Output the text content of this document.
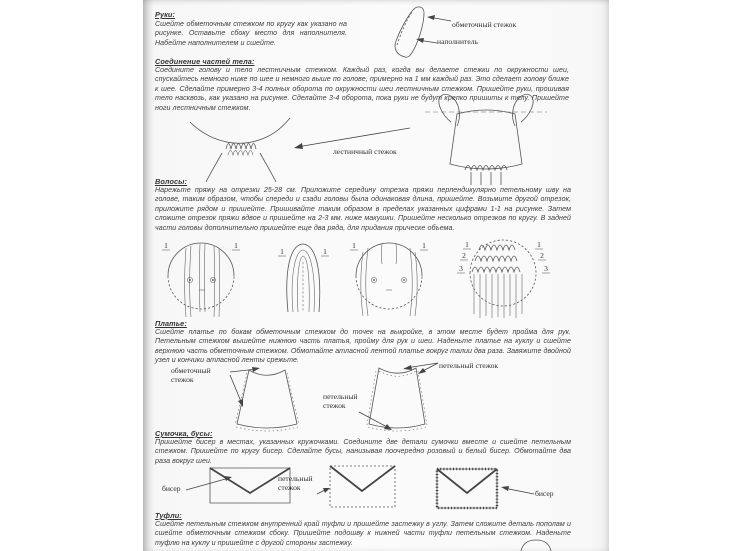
Руки:
Сшейте обметочным стежком по кругу как указано на рисунке. Оставьте сбоку место для наполнителя. Набейте наполнителем и сшейте.
обметочный стежок
наполнитель
Соединение частей тела:
Соедините голову и тело лестничным стежком. Каждый раз, когда вы делаете стежки по окружности шеи, спускайтесь немного ниже по шее и немного выше по голове, примерно на 1 мм каждый раз. Это сделает голову ближе к шее. Сделайте примерно 3-4 полных оборота по окружности шеи лестничным стежком. Пришейте руки, прошивая тело насквозь, как указано на рисунке. Сделайте 3-4 оборота, пока руки не будут крепко пришиты к телу. Пришейте ноги лестничным стежком.
лестничный стежок
Волосы:
Нарежьте пряжу на отрезки 25-28 см. Приложите середину отрезка пряжи перпендикулярно петельному шву на голове, таким образом, чтобы спереди и сзади головы была одинаковая длина, пришейте. Возьмите другой отрезок, приложите рядом и пришейте. Пришивайте таким образом в пределах указанных цифрами 1-1 на рисунке. Затем сложите отрезок пряжи вдвое и пришейте на 2-3 мм. ниже макушки. Пришейте несколько отрезков по кругу. В задней части головы дополнительно пришейте еще два ряда, для придания прическе объема.
1	1
1	1
1	1	1
2
3
1
2
3
Платье:
Сшейте платье по бокам обметочным стежком до точек на выкройке, в этом месте будет пройма для рук. Петельным стежком вышейте нижнюю часть платья, пройму для рук и шеи. Наденьте платье на куклу и сшейте верхнюю часть обметочным стежком. Обмотайте атласной лентой платье вокруг талии два раза. Завяжите двойной узел и кончики атласной ленты срежьте.
обметочный стежок
петельный стежок
петельный стежок
Сумочка, бусы:
Пришейте бисер в местах, указанных кружочками. Соедините две детали сумочки вместе и сшейте петельным стежком. Пришейте по кругу бисер. Сделайте бусы, нанизывая поочередно розовый и белый бисер. Обмотайте два раза вокруг шеи.
бисер
петельный стежок
бисер
Туфли:
Сшейте петельным стежком внутренний край туфли и пришейте застежку в углу. Затем сложите деталь пополам и сшейте обметочным стежком сбоку. Пришейте подошву к нижней части туфли петельным стежком. Наденьте туфлю на куклу и пришейте с другой стороны застежку.
